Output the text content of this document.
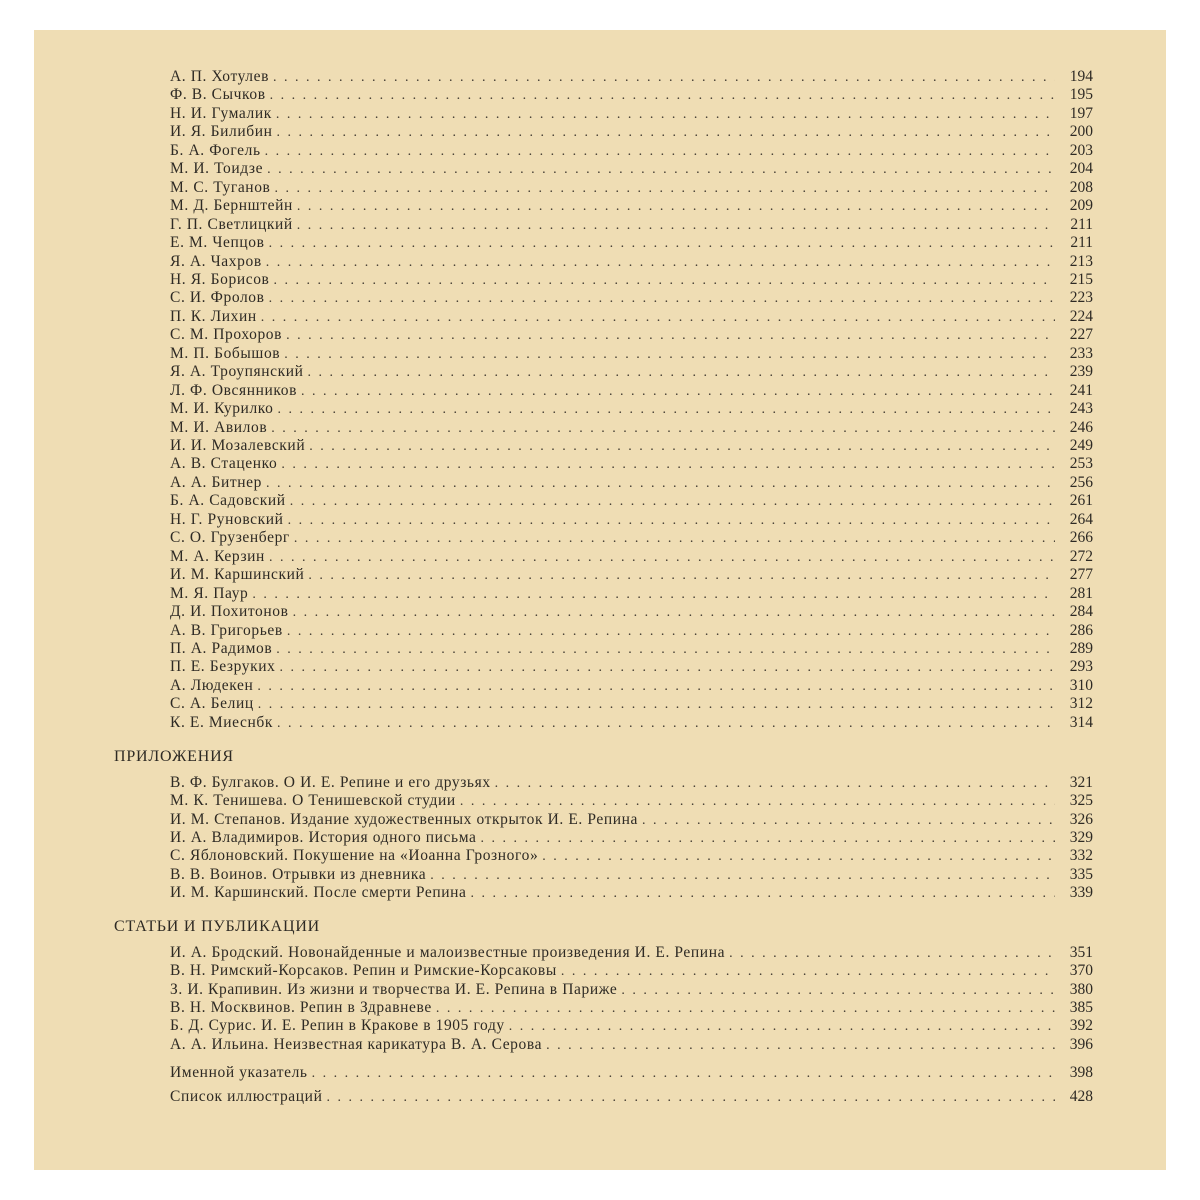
А. П. Хотулев . . .	194
Ф. В. Сычков . . .	195
Н. И. Гумалик . . .	197
И. Я. Билибин . . .	200
Б. А. Фогель . . .	203
М. И. Тоидзе . . .	204
М. С. Туганов . . .	208
М. Д. Бернштейн . . .	209
Г. П. Светлицкий . . .	211
Е. М. Чепцов . . .	211
Я. А. Чахров . . .	213
Н. Я. Борисов . . .	215
С. И. Фролов . . .	223
П. К. Лихин . . .	224
С. М. Прохоров . . .	227
М. П. Бобышов . . .	233
Я. А. Троупянский . . .	239
Л. Ф. Овсянников . . .	241
М. И. Курилко . . .	243
М. И. Авилов . . .	246
И. И. Мозалевский . . .	249
А. В. Стаценко . . .	253
А. А. Битнер . . .	256
Б. А. Садовский . . .	261
Н. Г. Руновский . . .	264
С. О. Грузенберг . . .	266
М. А. Керзин . . .	272
И. М. Каршинский . . .	277
М. Я. Паур . . .	281
Д. И. Похитонов . . .	284
А. В. Григорьев . . .	286
П. А. Радимов . . .	289
П. Е. Безруких . . .	293
А. Людекен . . .	310
С. А. Белиц . . .	312
К. Е. Миеснбк . . .	314
ПРИЛОЖЕНИЯ
В. Ф. Булгаков. О И. Е. Репине и его друзьях . . .	321
М. К. Тенишева. О Тенишевской студии . . .	325
И. М. Степанов. Издание художественных открыток И. Е. Репина . . .	326
И. А. Владимиров. История одного письма . . .	329
С. Яблоновский. Покушение на «Иоанна Грозного» . . .	332
В. В. Воинов. Отрывки из дневника . . .	335
И. М. Каршинский. После смерти Репина . . .	339
СТАТЬИ И ПУБЛИКАЦИИ
И. А. Бродский. Новонайденные и малоизвестные произведения И. Е. Репина . . .	351
В. Н. Римский-Корсаков. Репин и Римские-Корсаковы . . .	370
З. И. Крапивин. Из жизни и творчества И. Е. Репина в Париже . . .	380
В. Н. Москвинов. Репин в Здравневе . . .	385
Б. Д. Сурис. И. Е. Репин в Кракове в 1905 году . . .	392
А. А. Ильина. Неизвестная карикатура В. А. Серова . . .	396
Именной указатель . . .	398
Список иллюстраций . . .	428
